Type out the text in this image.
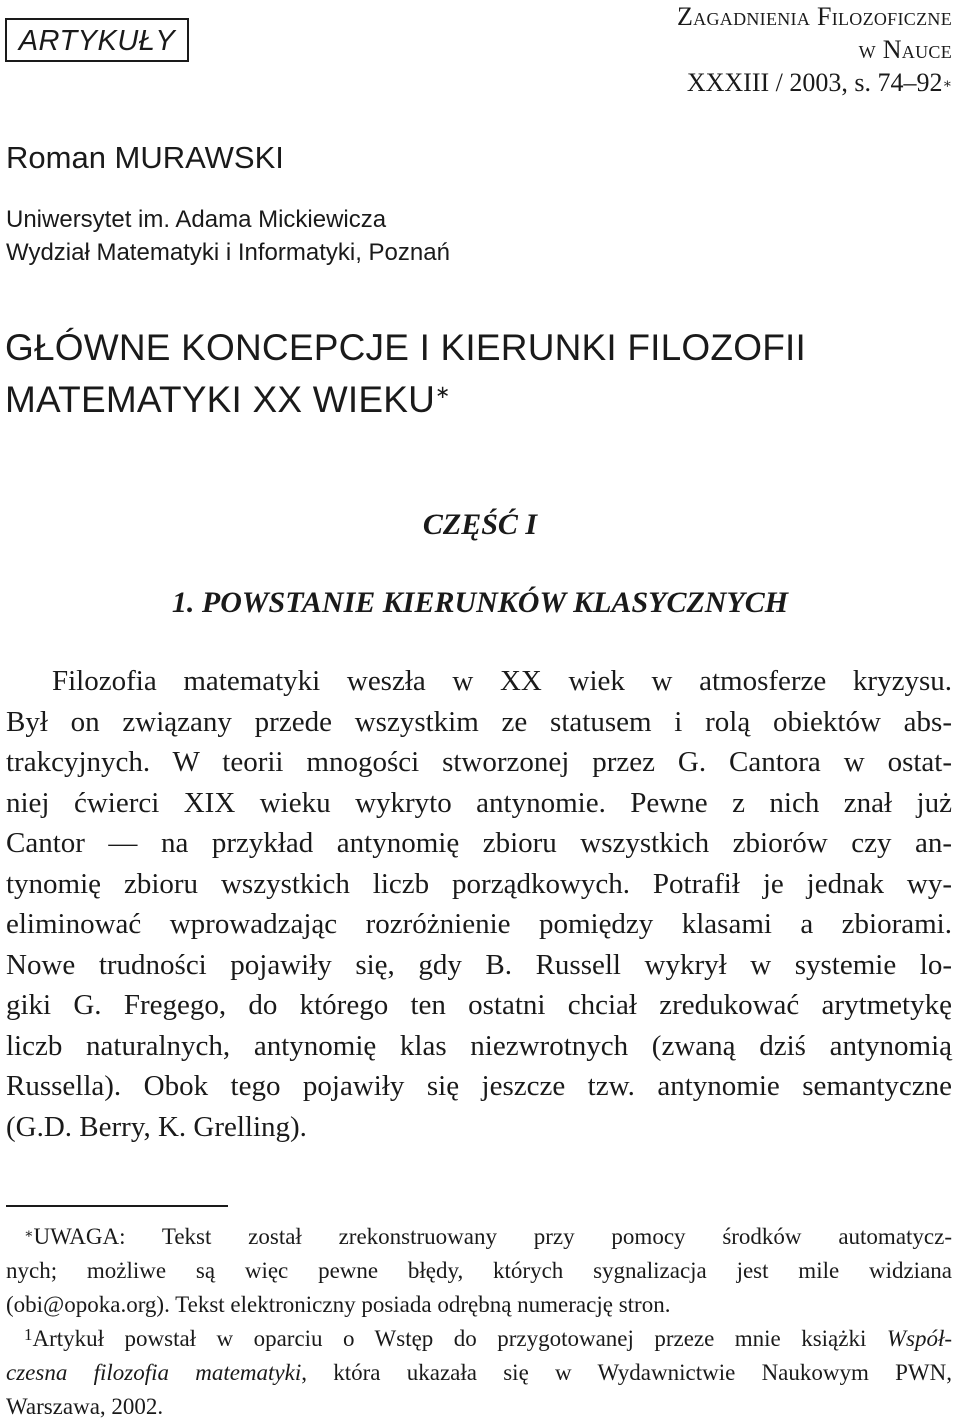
ARTYKUŁY
Zagadnienia Filozoficzne
w Nauce
XXXIII / 2003, s. 74–92∗
Roman MURAWSKI
Uniwersytet im. Adama Mickiewicza
Wydział Matematyki i Informatyki, Poznań
GŁÓWNE KONCEPCJE I KIERUNKI FILOZOFII
MATEMATYKI XX WIEKU∗
CZĘŚĆ I
1. POWSTANIE KIERUNKÓW KLASYCZNYCH
Filozofia matematyki weszła w XX wiek w atmosferze kryzysu.
Był on związany przede wszystkim ze statusem i rolą obiektów abs-
trakcyjnych. W teorii mnogości stworzonej przez G. Cantora w ostat-
niej ćwierci XIX wieku wykryto antynomie. Pewne z nich znał już
Cantor — na przykład antynomię zbioru wszystkich zbiorów czy an-
tynomię zbioru wszystkich liczb porządkowych. Potrafił je jednak wy-
eliminować wprowadzając rozróżnienie pomiędzy klasami a zbiorami.
Nowe trudności pojawiły się, gdy B. Russell wykrył w systemie lo-
giki G. Fregego, do którego ten ostatni chciał zredukować arytmetykę
liczb naturalnych, antynomię klas niezwrotnych (zwaną dziś antynomią
Russella). Obok tego pojawiły się jeszcze tzw. antynomie semantyczne
(G.D. Berry, K. Grelling).
∗UWAGA: Tekst został zrekonstruowany przy pomocy środków automatycz-
nych; możliwe są więc pewne błędy, których sygnalizacja jest mile widziana
(obi@opoka.org). Tekst elektroniczny posiada odrębną numerację stron.
$^1$Artykuł powstał w oparciu o Wstęp do przygotowanej przeze mnie książki Współ-
czesna filozofia matematyki, która ukazała się w Wydawnictwie Naukowym PWN,
Warszawa, 2002.
